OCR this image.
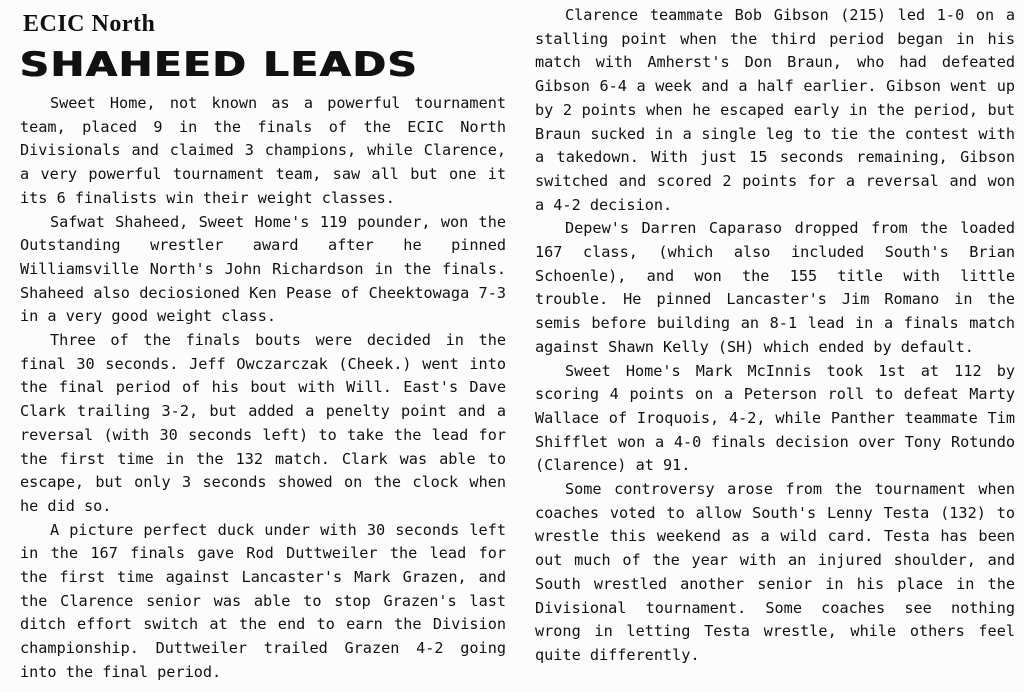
ECIC North
SHAHEED LEADS

Sweet Home, not known as a powerful tournament team, placed 9 in the finals of the ECIC North Divisionals and claimed 3 champions, while Clarence, a very powerful tournament team, saw all but one it its 6 finalists win their weight classes.

Safwat Shaheed, Sweet Home's 119 pounder, won the Outstanding wrestler award after he pinned Williamsville North's John Richardson in the finals. Shaheed also deciosioned Ken Pease of Cheektowaga 7-3 in a very good weight class.

Three of the finals bouts were decided in the final 30 seconds. Jeff Owczarczak (Cheek.) went into the final period of his bout with Will. East's Dave Clark trailing 3-2, but added a penelty point and a reversal (with 30 seconds left) to take the lead for the first time in the 132 match. Clark was able to escape, but only 3 seconds showed on the clock when he did so.

A picture perfect duck under with 30 seconds left in the 167 finals gave Rod Duttweiler the lead for the first time against Lancaster's Mark Grazen, and the Clarence senior was able to stop Grazen's last ditch effort switch at the end to earn the Division championship. Duttweiler trailed Grazen 4-2 going into the final period.

Clarence teammate Bob Gibson (215) led 1-0 on a stalling point when the third period began in his match with Amherst's Don Braun, who had defeated Gibson 6-4 a week and a half earlier. Gibson went up by 2 points when he escaped early in the period, but Braun sucked in a single leg to tie the contest with a takedown. With just 15 seconds remaining, Gibson switched and scored 2 points for a reversal and won a 4-2 decision.

Depew's Darren Caparaso dropped from the loaded 167 class, (which also included South's Brian Schoenle), and won the 155 title with little trouble. He pinned Lancaster's Jim Romano in the semis before building an 8-1 lead in a finals match against Shawn Kelly (SH) which ended by default.

Sweet Home's Mark McInnis took 1st at 112 by scoring 4 points on a Peterson roll to defeat Marty Wallace of Iroquois, 4-2, while Panther teammate Tim Shifflet won a 4-0 finals decision over Tony Rotundo (Clarence) at 91.

Some controversy arose from the tournament when coaches voted to allow South's Lenny Testa (132) to wrestle this weekend as a wild card. Testa has been out much of the year with an injured shoulder, and South wrestled another senior in his place in the Divisional tournament. Some coaches see nothing wrong in letting Testa wrestle, while others feel quite differently.
